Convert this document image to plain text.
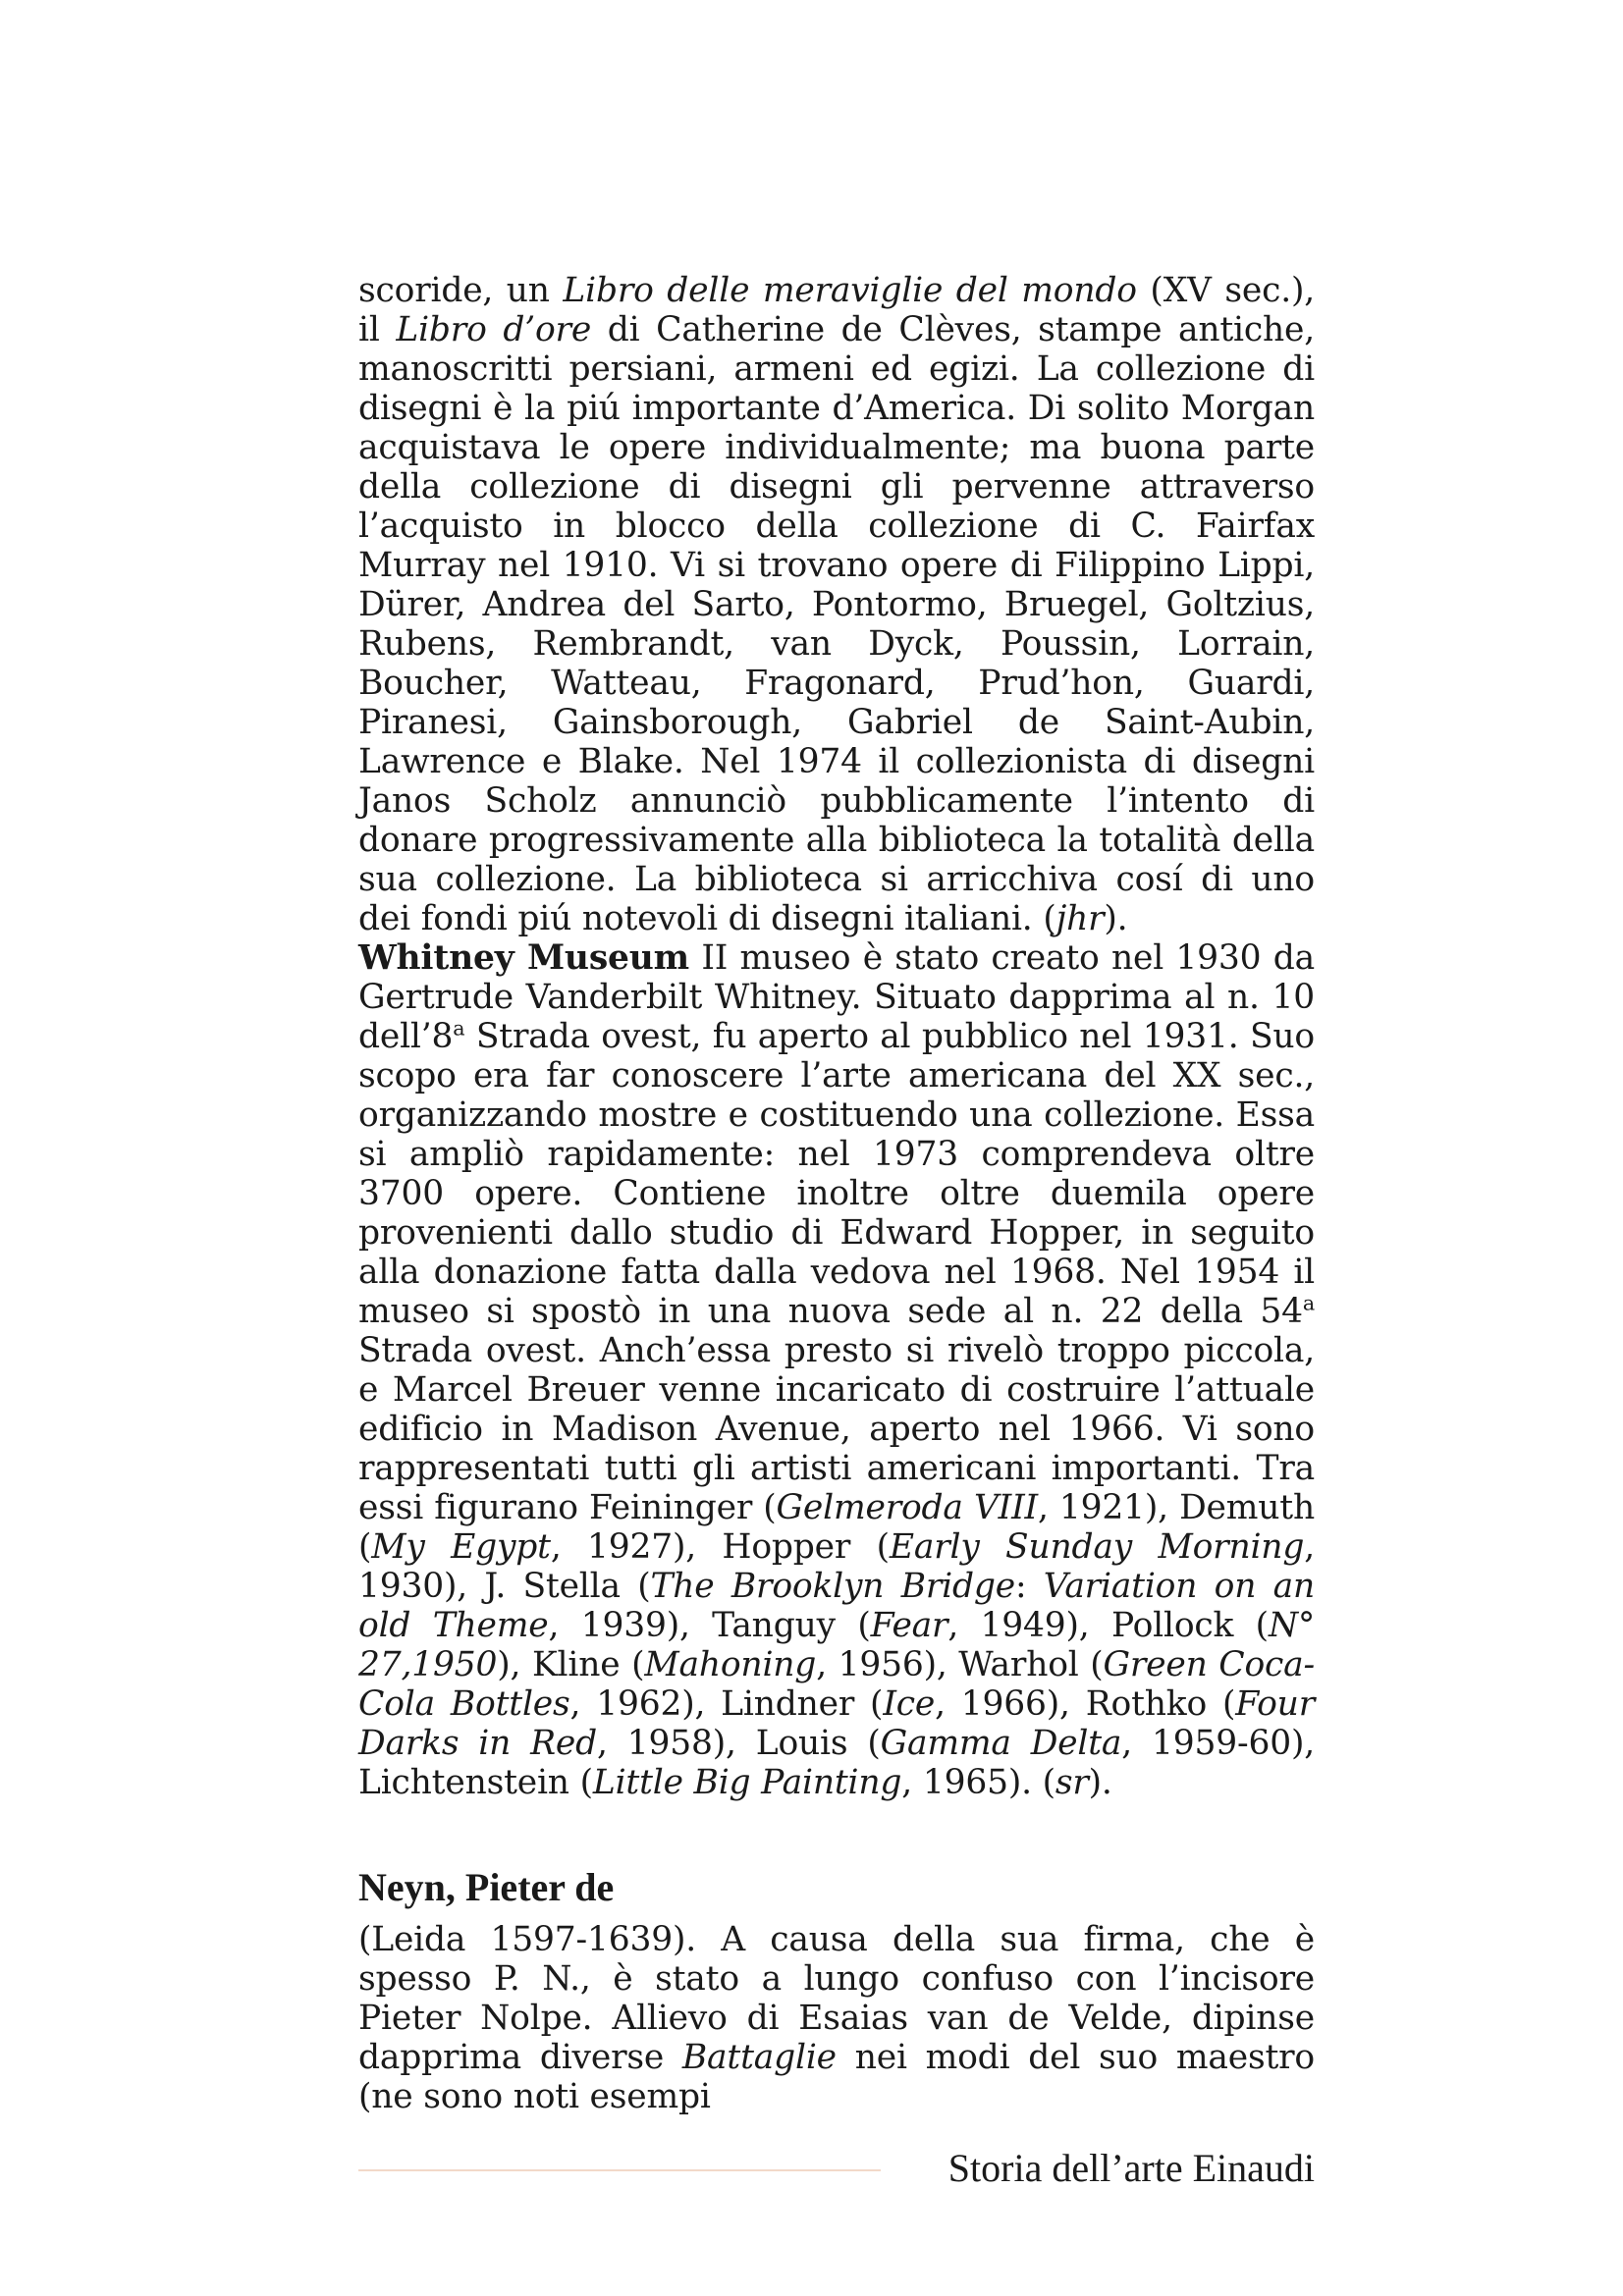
scoride, un Libro delle meraviglie del mondo (XV sec.), il Libro d’ore di Catherine de Clèves, stampe antiche, manoscritti persiani, armeni ed egizi. La collezione di disegni è la piú importante d’America. Di solito Morgan acquistava le opere individualmente; ma buona parte della collezione di disegni gli pervenne attraverso l’acquisto in blocco della collezione di C. Fairfax Murray nel 1910. Vi si trovano opere di Filippino Lippi, Dürer, Andrea del Sarto, Pontormo, Bruegel, Goltzius, Rubens, Rembrandt, van Dyck, Poussin, Lorrain, Boucher, Watteau, Fragonard, Prud’hon, Guardi, Piranesi, Gainsborough, Gabriel de Saint-Aubin, Lawrence e Blake. Nel 1974 il collezionista di disegni Janos Scholz annunciò pubblicamente l’intento di donare progressivamente alla biblioteca la totalità della sua collezione. La biblioteca si arricchiva cosí di uno dei fondi piú notevoli di disegni italiani. (jhr).

Whitney Museum II museo è stato creato nel 1930 da Gertrude Vanderbilt Whitney. Situato dapprima al n. 10 dell’8$^a$ Strada ovest, fu aperto al pubblico nel 1931. Suo scopo era far conoscere l’arte americana del XX sec., organizzando mostre e costituendo una collezione. Essa si ampliò rapidamente: nel 1973 comprendeva oltre 3700 opere. Contiene inoltre oltre duemila opere provenienti dallo studio di Edward Hopper, in seguito alla donazione fatta dalla vedova nel 1968. Nel 1954 il museo si spostò in una nuova sede al n. 22 della 54$^a$ Strada ovest. Anch’essa presto si rivelò troppo piccola, e Marcel Breuer venne incaricato di costruire l’attuale edificio in Madison Avenue, aperto nel 1966. Vi sono rappresentati tutti gli artisti americani importanti. Tra essi figurano Feininger (Gelmeroda VIII, 1921), Demuth (My Egypt, 1927), Hopper (Early Sunday Morning, 1930), J. Stella (The Brooklyn Bridge: Variation on an old Theme, 1939), Tanguy (Fear, 1949), Pollock (N° 27,1950), Kline (Mahoning, 1956), Warhol (Green Coca-Cola Bottles, 1962), Lindner (Ice, 1966), Rothko (Four Darks in Red, 1958), Louis (Gamma Delta, 1959-60), Lichtenstein (Little Big Painting, 1965). (sr).

Neyn, Pieter de

(Leida 1597-1639). A causa della sua firma, che è spesso P. N., è stato a lungo confuso con l’incisore Pieter Nolpe. Allievo di Esaias van de Velde, dipinse dapprima diverse Battaglie nei modi del suo maestro (ne sono noti esempi

Storia dell’arte Einaudi
